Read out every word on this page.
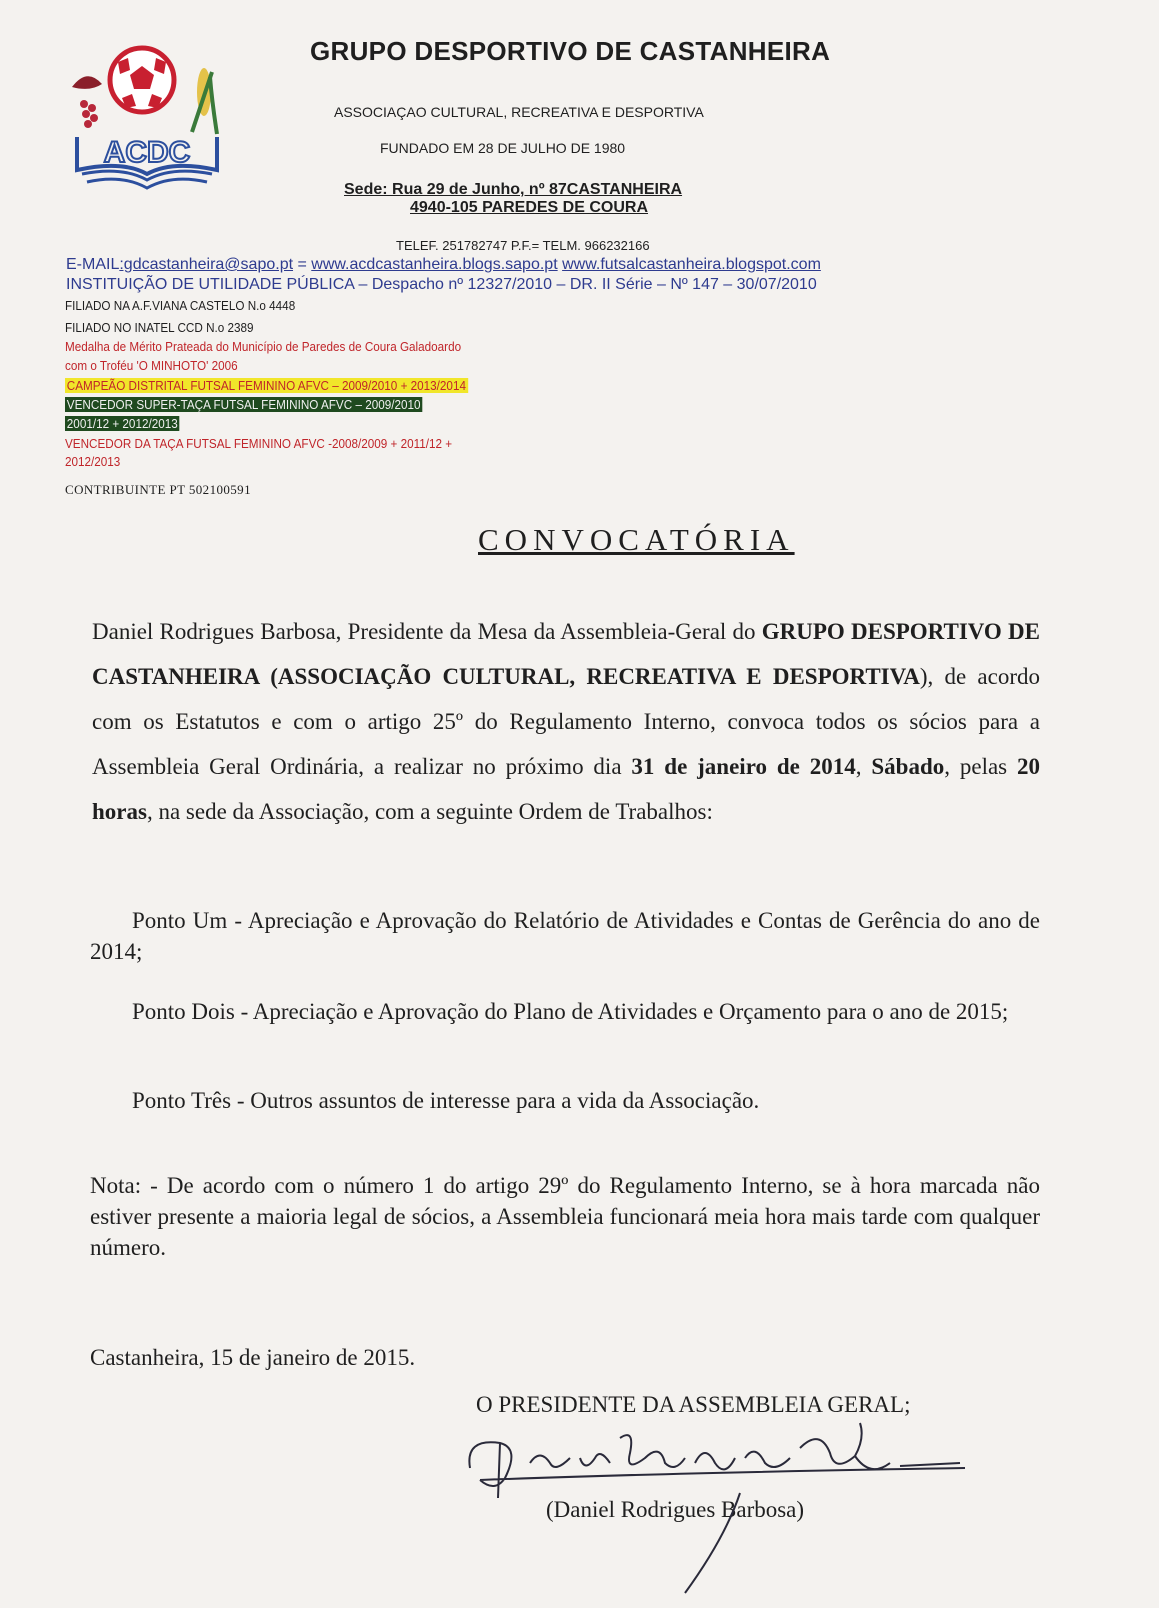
ACDC
GRUPO DESPORTIVO DE CASTANHEIRA
ASSOCIAÇAO CULTURAL, RECREATIVA E DESPORTIVA
FUNDADO EM 28 DE JULHO DE 1980
Sede: Rua 29 de Junho, nº 87CASTANHEIRA
4940-105 PAREDES DE COURA
TELEF. 251782747 P.F.= TELM. 966232166
E-MAIL:gdcastanheira@sapo.pt = www.acdcastanheira.blogs.sapo.pt www.futsalcastanheira.blogspot.com
INSTITUIÇÃO DE UTILIDADE PÚBLICA – Despacho nº 12327/2010 – DR. II Série – Nº 147 – 30/07/2010
FILIADO NA A.F.VIANA CASTELO N.o 4448
FILIADO NO INATEL CCD N.o 2389
Medalha de Mérito Prateada do Município de Paredes de Coura Galadoardo
com o Troféu 'O MINHOTO' 2006
CAMPEÃO DISTRITAL FUTSAL FEMININO AFVC – 2009/2010 + 2013/2014
VENCEDOR SUPER-TAÇA FUTSAL FEMININO AFVC – 2009/2010
2001/12 + 2012/2013
VENCEDOR DA TAÇA FUTSAL FEMININO AFVC -2008/2009 + 2011/12 +
2012/2013
CONTRIBUINTE PT 502100591
CONVOCATÓRIA
Daniel Rodrigues Barbosa, Presidente da Mesa da Assembleia-Geral do GRUPO DESPORTIVO DE CASTANHEIRA (ASSOCIAÇÃO CULTURAL, RECREATIVA E DESPORTIVA), de acordo com os Estatutos e com o artigo 25º do Regulamento Interno, convoca todos os sócios para a Assembleia Geral Ordinária, a realizar no próximo dia 31 de janeiro de 2014, Sábado, pelas 20 horas, na sede da Associação, com a seguinte Ordem de Trabalhos:
Ponto Um - Apreciação e Aprovação do Relatório de Atividades e Contas de Gerência do ano de 2014;
Ponto Dois - Apreciação e Aprovação do Plano de Atividades e Orçamento para o ano de 2015;
Ponto Três - Outros assuntos de interesse para a vida da Associação.
Nota: - De acordo com o número 1 do artigo 29º do Regulamento Interno, se à hora marcada não estiver presente a maioria legal de sócios, a Assembleia funcionará meia hora mais tarde com qualquer número.
Castanheira, 15 de janeiro de 2015.
O PRESIDENTE DA ASSEMBLEIA GERAL;
(Daniel Rodrigues Barbosa)
